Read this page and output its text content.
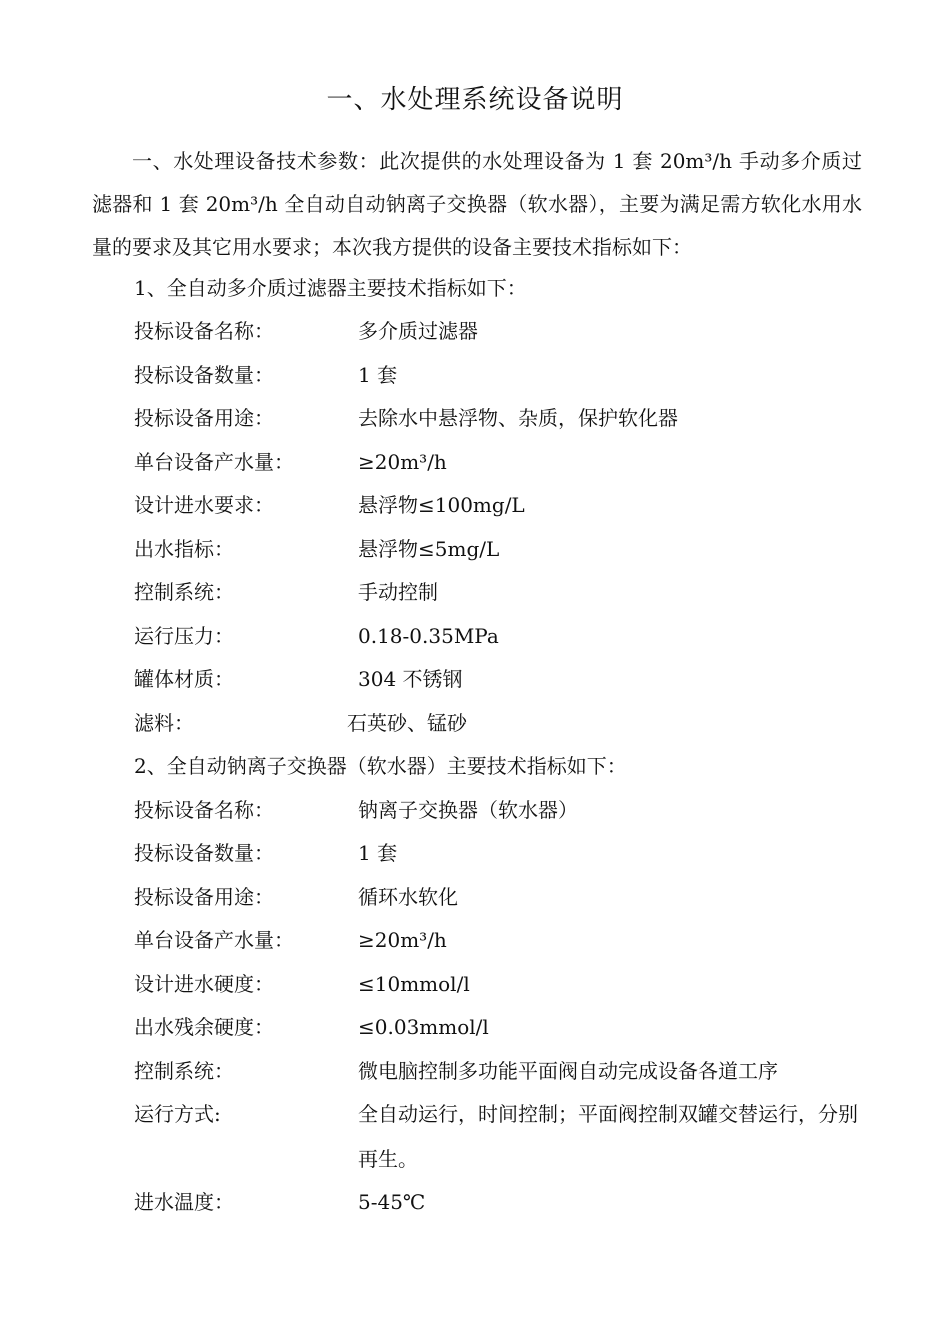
一、水处理系统设备说明

一、水处理设备技术参数：此次提供的水处理设备为 1 套 20m³/h 手动多介质过滤器和 1 套 20m³/h 全自动自动钠离子交换器（软水器），主要为满足需方软化水用水量的要求及其它用水要求；本次我方提供的设备主要技术指标如下：

1、全自动多介质过滤器主要技术指标如下：

投标设备名称：	多介质过滤器
投标设备数量：	1 套
投标设备用途：	去除水中悬浮物、杂质，保护软化器
单台设备产水量：	≥20m³/h
设计进水要求：	悬浮物≤100mg/L
出水指标：	悬浮物≤5mg/L
控制系统：	手动控制
运行压力：	0.18-0.35MPa
罐体材质：	304 不锈钢
滤料：	石英砂、锰砂

2、全自动钠离子交换器（软水器）主要技术指标如下：

投标设备名称：	钠离子交换器（软水器）
投标设备数量：	1 套
投标设备用途：	循环水软化
单台设备产水量：	≥20m³/h
设计进水硬度：	≤10mmol/l
出水残余硬度：	≤0.03mmol/l
控制系统：	微电脑控制多功能平面阀自动完成设备各道工序
运行方式:	全自动运行，时间控制；平面阀控制双罐交替运行，分别再生。
进水温度：	5-45℃
